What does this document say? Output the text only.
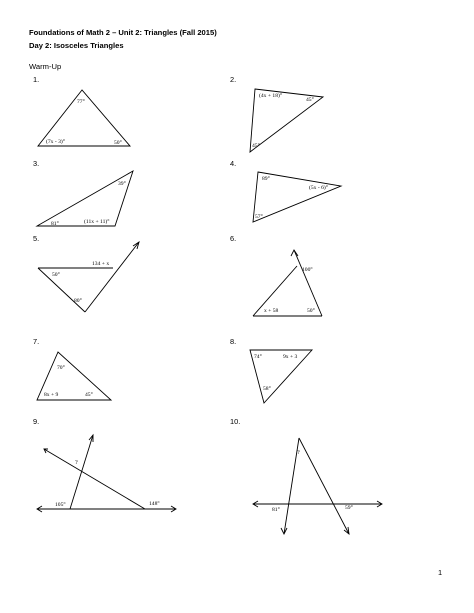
Foundations of Math 2 – Unit 2: Triangles (Fall 2015)
Day 2: Isosceles Triangles
Warm-Up
1.	2.
3.	4.
5.	6.
7.	8.
9.	10.
77°
(7x - 3)°	50°
(4x + 18)°
45°
45°
39°
81°	(11x + 11)°
89°
(5x - 6)°
57°
134 + x
50°
80°
100°
x + 58	50°
70°
8x + 9	45°
74°	9x + 3
58°
?
105°	148°
?
81°	59°
1
